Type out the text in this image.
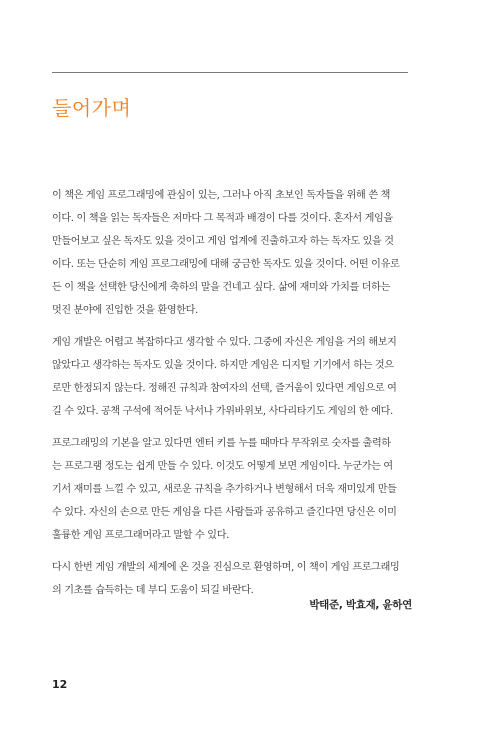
들어가며

이 책은 게임 프로그래밍에 관심이 있는, 그러나 아직 초보인 독자들을 위해 쓴 책
이다. 이 책을 읽는 독자들은 저마다 그 목적과 배경이 다를 것이다. 혼자서 게임을
만들어보고 싶은 독자도 있을 것이고 게임 업계에 진출하고자 하는 독자도 있을 것
이다. 또는 단순히 게임 프로그래밍에 대해 궁금한 독자도 있을 것이다. 어떤 이유로
든 이 책을 선택한 당신에게 축하의 말을 건네고 싶다. 삶에 재미와 가치를 더하는
멋진 분야에 진입한 것을 환영한다.

게임 개발은 어렵고 복잡하다고 생각할 수 있다. 그중에 자신은 게임을 거의 해보지
않았다고 생각하는 독자도 있을 것이다. 하지만 게임은 디지털 기기에서 하는 것으
로만 한정되지 않는다. 정해진 규칙과 참여자의 선택, 즐거움이 있다면 게임으로 여
길 수 있다. 공책 구석에 적어둔 낙서나 가위바위보, 사다리타기도 게임의 한 예다.

프로그래밍의 기본을 알고 있다면 엔터 키를 누를 때마다 무작위로 숫자를 출력하
는 프로그램 정도는 쉽게 만들 수 있다. 이것도 어떻게 보면 게임이다. 누군가는 여
기서 재미를 느낄 수 있고, 새로운 규칙을 추가하거나 변형해서 더욱 재미있게 만들
수 있다. 자신의 손으로 만든 게임을 다른 사람들과 공유하고 즐긴다면 당신은 이미
훌륭한 게임 프로그래머라고 말할 수 있다.

다시 한번 게임 개발의 세계에 온 것을 진심으로 환영하며, 이 책이 게임 프로그래밍
의 기초를 습득하는 데 부디 도움이 되길 바란다.

박태준, 박효재, 윤하연
12
